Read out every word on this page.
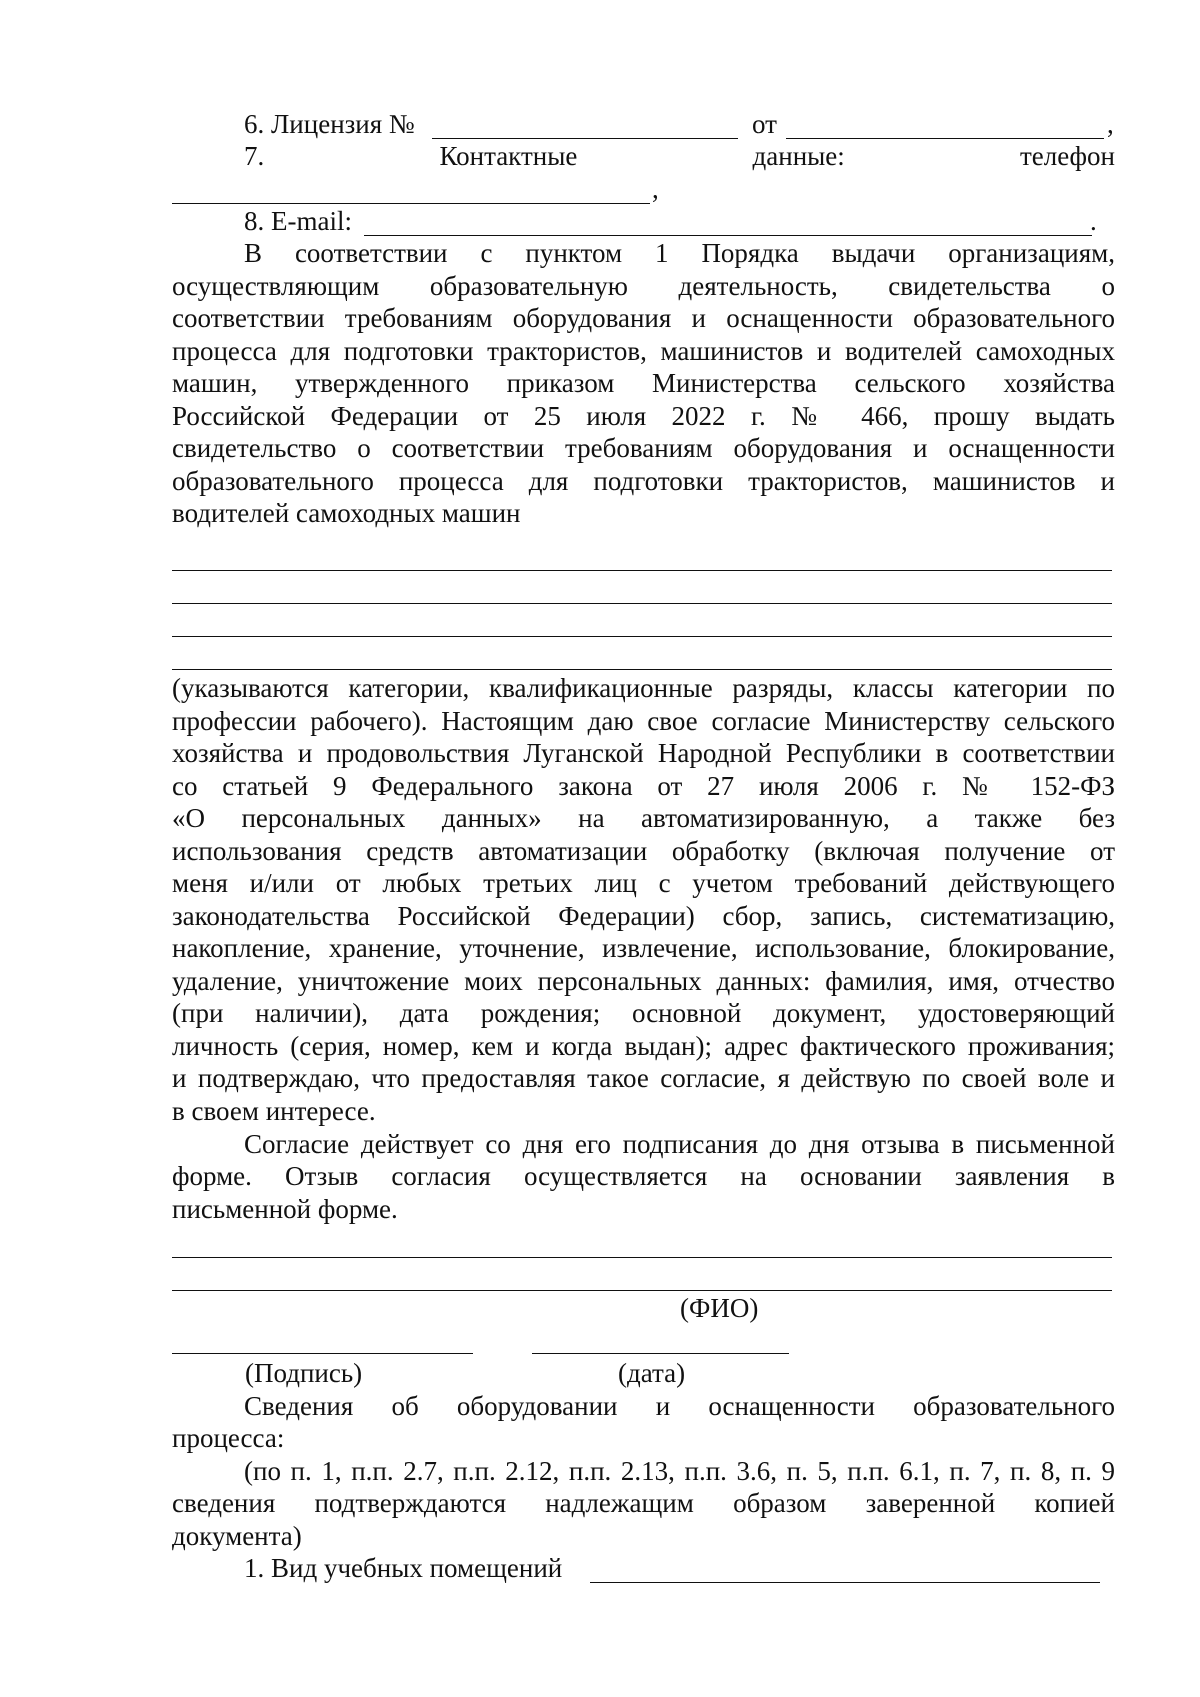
6. Лицензия №	от	,
7.	Контактные	данные:	телефон
,
8. E-mail:	.
В соответствии с пунктом 1 Порядка выдачи организациям,
осуществляющим образовательную деятельность, свидетельства о
соответствии требованиям оборудования и оснащенности образовательного
процесса для подготовки трактористов, машинистов и водителей самоходных
машин, утвержденного приказом Министерства сельского хозяйства
Российской Федерации от 25 июля 2022 г. № 466, прошу выдать
свидетельство о соответствии требованиям оборудования и оснащенности
образовательного процесса для подготовки трактористов, машинистов и
водителей самоходных машин
(указываются категории, квалификационные разряды, классы категории по
профессии рабочего). Настоящим даю свое согласие Министерству сельского
хозяйства и продовольствия Луганской Народной Республики в соответствии
со статьей 9 Федерального закона от 27 июля 2006 г. № 152-ФЗ
«О персональных данных» на автоматизированную, а также без
использования средств автоматизации обработку (включая получение от
меня и/или от любых третьих лиц с учетом требований действующего
законодательства Российской Федерации) сбор, запись, систематизацию,
накопление, хранение, уточнение, извлечение, использование, блокирование,
удаление, уничтожение моих персональных данных: фамилия, имя, отчество
(при наличии), дата рождения; основной документ, удостоверяющий
личность (серия, номер, кем и когда выдан); адрес фактического проживания;
и подтверждаю, что предоставляя такое согласие, я действую по своей воле и
в своем интересе.
Согласие действует со дня его подписания до дня отзыва в письменной
форме. Отзыв согласия осуществляется на основании заявления в
письменной форме.
(ФИО)
(Подпись)	(дата)
Сведения об оборудовании и оснащенности образовательного
процесса:
(по п. 1, п.п. 2.7, п.п. 2.12, п.п. 2.13, п.п. 3.6, п. 5, п.п. 6.1, п. 7, п. 8, п. 9
сведения подтверждаются надлежащим образом заверенной копией
документа)
1. Вид учебных помещений
